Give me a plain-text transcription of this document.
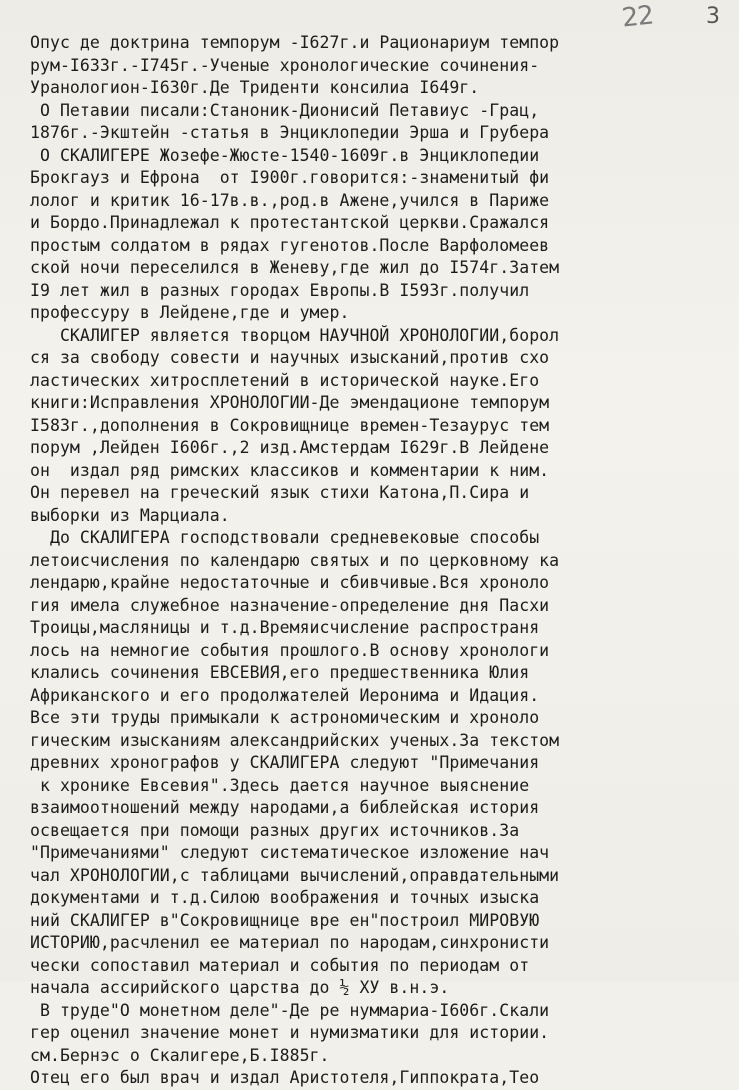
22 3
Опус де доктрина темпорум -I627г.и Рационариум темпор
рум-I633г.-I745г.-Ученые хронологические сочинения-
Уранологион-I630г.Де Триденти консилиа I649г.
О Петавии писали:Станоник-Дионисий Петавиус -Грац,
1876г.-Экштейн -статья в Энциклопедии Эрша и Грубера
О СКАЛИГЕРЕ Жозефе-Жюсте-1540-1609г.в Энциклопедии
Брокгауз и Ефрона  от I900г.говорится:-знаменитый фи
лолог и критик 16-17в.в.,род.в Ажене,учился в Париже
и Бордо.Принадлежал к протестантской церкви.Сражался
простым солдатом в рядах гугенотов.После Варфоломеев
ской ночи переселился в Женеву,где жил до I574г.Затем
I9 лет жил в разных городах Европы.В I593г.получил
профессуру в Лейдене,где и умер.
СКАЛИГЕР является творцом НАУЧНОЙ ХРОНОЛОГИИ,борол
ся за свободу совести и научных изысканий,против схо
ластических хитросплетений в исторической науке.Его
книги:Исправления ХРОНОЛОГИИ-Де эмендационе темпорум
I583г.,дополнения в Сокровищнице времен-Тезаурус тем
порум ,Лейден I606г.,2 изд.Амстердам I629г.В Лейдене
он  издал ряд римских классиков и комментарии к ним.
Он перевел на греческий язык стихи Катона,П.Сира и
выборки из Марциала.
До СКАЛИГЕРА господствовали средневековые способы
летоисчисления по календарю святых и по церковному ка
лендарю,крайне недостаточные и сбивчивые.Вся хроноло
гия имела служебное назначение-определение дня Пасхи
Троицы,масляницы и т.д.Времяисчисление распространя
лось на немногие события прошлого.В основу хронологи
клались сочинения ЕВСЕВИЯ,его предшественника Юлия
Африканского и его продолжателей Иеронима и Идация.
Все эти труды примыкали к астрономическим и хроноло
гическим изысканиям александрийских ученых.За текстом
древних хронографов у СКАЛИГЕРА следуют "Примечания
к хронике Евсевия".Здесь дается научное выяснение
взаимоотношений между народами,а библейская история
освещается при помощи разных других источников.За
"Примечаниями" следуют систематическое изложение нач
чал ХРОНОЛОГИИ,с таблицами вычислений,оправдательными
документами и т.д.Силою воображения и точных изыска
ний СКАЛИГЕР в"Сокровищнице вре ен"построил МИРОВУЮ
ИСТОРИЮ,расчленил ее материал по народам,синхронисти
чески сопоставил материал и события по периодам от
начала ассирийского царства до ½ ХУ в.н.э.
В труде"О монетном деле"-Де ре нуммариа-I606г.Скали
гер оценил значение монет и нумизматики для истории.
см.Бернэс о Скалигере,Б.I885г.
Отец его был врач и издал Аристотеля,Гиппократа,Тео
